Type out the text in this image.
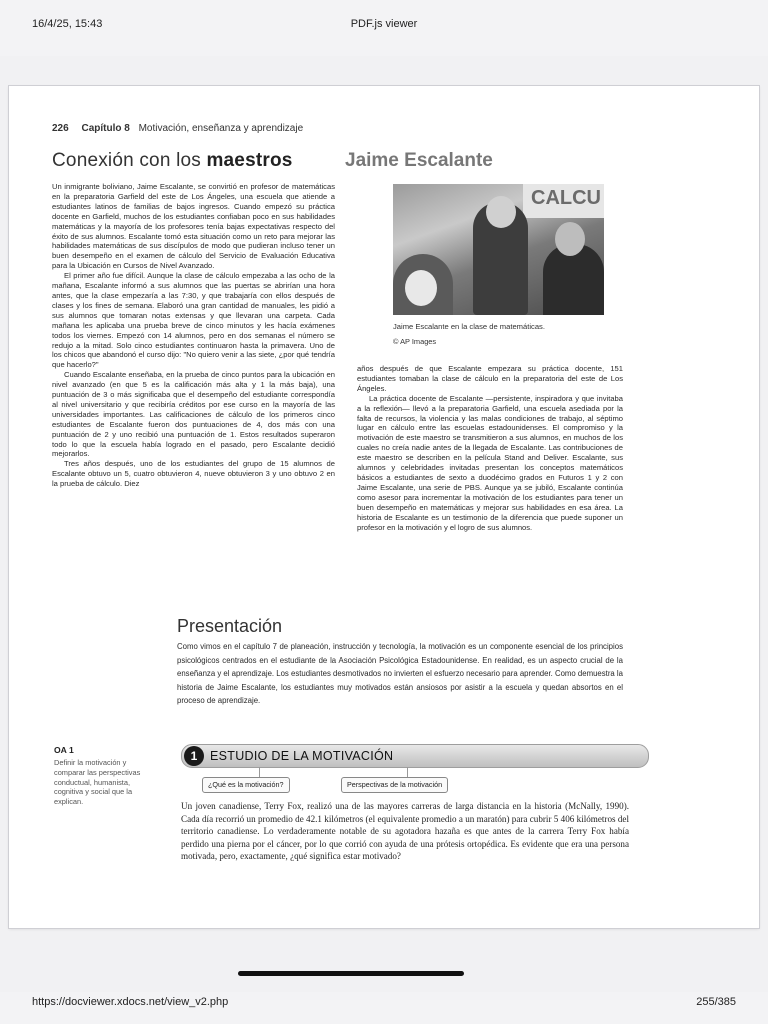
16/4/25, 15:43	PDF.js viewer
226 Capítulo 8 Motivación, enseñanza y aprendizaje
Conexión con los maestros	Jaime Escalante

Un inmigrante boliviano, Jaime Escalante, se convirtió en profesor de matemáticas en la preparatoria Garfield del este de Los Ángeles, una escuela que atiende a estudiantes latinos de familias de bajos ingresos. Cuando empezó su práctica docente en Garfield, muchos de los estudiantes confiaban poco en sus habilidades matemáticas y la mayoría de los profesores tenía bajas expectativas respecto del éxito de sus alumnos. Escalante tomó esta situación como un reto para mejorar las habilidades matemáticas de sus discípulos de modo que pudieran incluso tener un buen desempeño en el examen de cálculo del Servicio de Evaluación Educativa para la Ubicación en Cursos de Nivel Avanzado.

El primer año fue difícil. Aunque la clase de cálculo empezaba a las ocho de la mañana, Escalante informó a sus alumnos que las puertas se abrirían una hora antes, que la clase empezaría a las 7:30, y que trabajaría con ellos después de clases y los fines de semana. Elaboró una gran cantidad de manuales, les pidió a sus alumnos que tomaran notas extensas y que llevaran una carpeta. Cada mañana les aplicaba una prueba breve de cinco minutos y les hacía exámenes todos los viernes. Empezó con 14 alumnos, pero en dos semanas el número se redujo a la mitad. Solo cinco estudiantes continuaron hasta la primavera. Uno de los chicos que abandonó el curso dijo: "No quiero venir a las siete, ¿por qué tendría que hacerlo?"

Cuando Escalante enseñaba, en la prueba de cinco puntos para la ubicación en nivel avanzado (en que 5 es la calificación más alta y 1 la más baja), una puntuación de 3 o más significaba que el desempeño del estudiante correspondía al nivel universitario y que recibiría créditos por ese curso en la mayoría de las universidades importantes. Las calificaciones de cálculo de los primeros cinco estudiantes de Escalante fueron dos puntuaciones de 4, dos más con una puntuación de 2 y uno recibió una puntuación de 1. Estos resultados superaron todo lo que la escuela había logrado en el pasado, pero Escalante decidió mejorarlos.

Tres años después, uno de los estudiantes del grupo de 15 alumnos de Escalante obtuvo un 5, cuatro obtuvieron 4, nueve obtuvieron 3 y uno obtuvo 2 en la prueba de cálculo. Diez

CALCU
Jaime Escalante en la clase de matemáticas.
© AP Images

años después de que Escalante empezara su práctica docente, 151 estudiantes tomaban la clase de cálculo en la preparatoria del este de Los Ángeles.

La práctica docente de Escalante —persistente, inspiradora y que invitaba a la reflexión— llevó a la preparatoria Garfield, una escuela asediada por la falta de recursos, la violencia y las malas condiciones de trabajo, al séptimo lugar en cálculo entre las escuelas estadounidenses. El compromiso y la motivación de este maestro se transmitieron a sus alumnos, en muchos de los cuales no creía nadie antes de la llegada de Escalante. Las contribuciones de este maestro se describen en la película Stand and Deliver. Escalante, sus alumnos y celebridades invitadas presentan los conceptos matemáticos básicos a estudiantes de sexto a duodécimo grados en Futuros 1 y 2 con Jaime Escalante, una serie de PBS. Aunque ya se jubiló, Escalante continúa como asesor para incrementar la motivación de los estudiantes para tener un buen desempeño en matemáticas y mejorar sus habilidades en esa área. La historia de Escalante es un testimonio de la diferencia que puede suponer un profesor en la motivación y el logro de sus alumnos.

Presentación
Como vimos en el capítulo 7 de planeación, instrucción y tecnología, la motivación es un componente esencial de los principios psicológicos centrados en el estudiante de la Asociación Psicológica Estadounidense. En realidad, es un aspecto crucial de la enseñanza y el aprendizaje. Los estudiantes desmotivados no invierten el esfuerzo necesario para aprender. Como demuestra la historia de Jaime Escalante, los estudiantes muy motivados están ansiosos por asistir a la escuela y quedan absortos en el proceso de aprendizaje.
OA 1
Definir la motivación y comparar las perspectivas conductual, humanista, cognitiva y social que la explican.
1	ESTUDIO DE LA MOTIVACIÓN
¿Qué es la motivación?	Perspectivas de la motivación
Un joven canadiense, Terry Fox, realizó una de las mayores carreras de larga distancia en la historia (McNally, 1990). Cada día recorrió un promedio de 42.1 kilómetros (el equivalente promedio a un maratón) para cubrir 5 406 kilómetros del territorio canadiense. Lo verdaderamente notable de su agotadora hazaña es que antes de la carrera Terry Fox había perdido una pierna por el cáncer, por lo que corrió con ayuda de una prótesis ortopédica. Es evidente que era una persona motivada, pero, exactamente, ¿qué significa estar motivado?
https://docviewer.xdocs.net/view_v2.php	255/385
